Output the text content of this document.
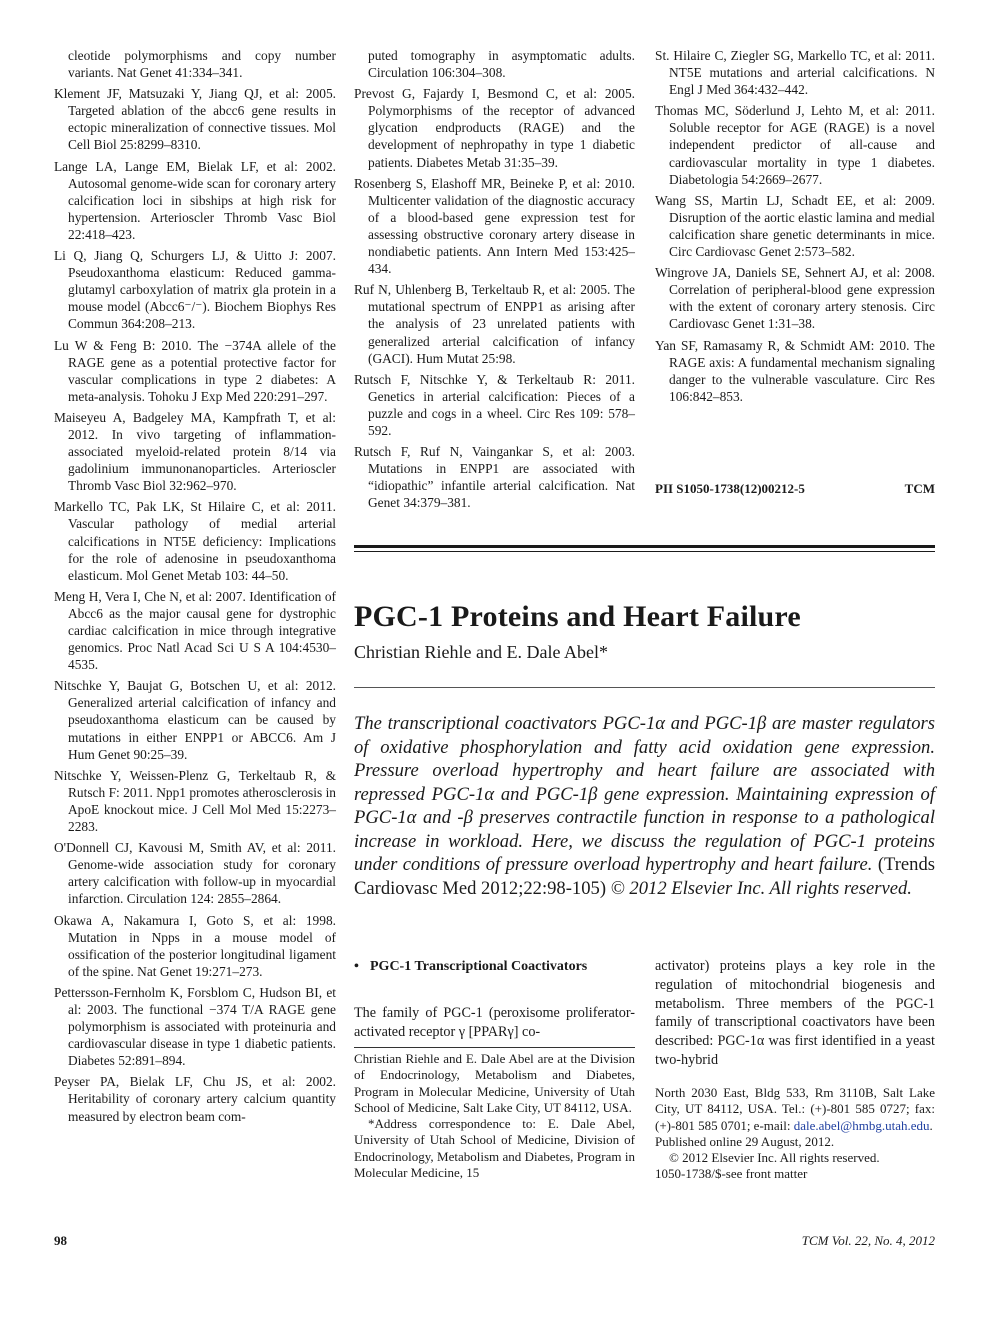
cleotide polymorphisms and copy number variants. Nat Genet 41:334–341.

Klement JF, Matsuzaki Y, Jiang QJ, et al: 2005. Targeted ablation of the abcc6 gene results in ectopic mineralization of connective tissues. Mol Cell Biol 25:8299–8310.

Lange LA, Lange EM, Bielak LF, et al: 2002. Autosomal genome-wide scan for coronary artery calcification loci in sibships at high risk for hypertension. Arterioscler Thromb Vasc Biol 22:418–423.

Li Q, Jiang Q, Schurgers LJ, & Uitto J: 2007. Pseudoxanthoma elasticum: Reduced gamma-glutamyl carboxylation of matrix gla protein in a mouse model (Abcc6⁻/⁻). Biochem Biophys Res Commun 364:208–213.

Lu W & Feng B: 2010. The −374A allele of the RAGE gene as a potential protective factor for vascular complications in type 2 diabetes: A meta-analysis. Tohoku J Exp Med 220:291–297.

Maiseyeu A, Badgeley MA, Kampfrath T, et al: 2012. In vivo targeting of inflammation-associated myeloid-related protein 8/14 via gadolinium immunonanoparticles. Arterioscler Thromb Vasc Biol 32:962–970.

Markello TC, Pak LK, St Hilaire C, et al: 2011. Vascular pathology of medial arterial calcifications in NT5E deficiency: Implications for the role of adenosine in pseudoxanthoma elasticum. Mol Genet Metab 103: 44–50.

Meng H, Vera I, Che N, et al: 2007. Identification of Abcc6 as the major causal gene for dystrophic cardiac calcification in mice through integrative genomics. Proc Natl Acad Sci U S A 104:4530–4535.

Nitschke Y, Baujat G, Botschen U, et al: 2012. Generalized arterial calcification of infancy and pseudoxanthoma elasticum can be caused by mutations in either ENPP1 or ABCC6. Am J Hum Genet 90:25–39.

Nitschke Y, Weissen-Plenz G, Terkeltaub R, & Rutsch F: 2011. Npp1 promotes atherosclerosis in ApoE knockout mice. J Cell Mol Med 15:2273–2283.

O'Donnell CJ, Kavousi M, Smith AV, et al: 2011. Genome-wide association study for coronary artery calcification with follow-up in myocardial infarction. Circulation 124: 2855–2864.

Okawa A, Nakamura I, Goto S, et al: 1998. Mutation in Npps in a mouse model of ossification of the posterior longitudinal ligament of the spine. Nat Genet 19:271–273.

Pettersson-Fernholm K, Forsblom C, Hudson BI, et al: 2003. The functional −374 T/A RAGE gene polymorphism is associated with proteinuria and cardiovascular disease in type 1 diabetic patients. Diabetes 52:891–894.

Peyser PA, Bielak LF, Chu JS, et al: 2002. Heritability of coronary artery calcium quantity measured by electron beam com-

puted tomography in asymptomatic adults. Circulation 106:304–308.

Prevost G, Fajardy I, Besmond C, et al: 2005. Polymorphisms of the receptor of advanced glycation endproducts (RAGE) and the development of nephropathy in type 1 diabetic patients. Diabetes Metab 31:35–39.

Rosenberg S, Elashoff MR, Beineke P, et al: 2010. Multicenter validation of the diagnostic accuracy of a blood-based gene expression test for assessing obstructive coronary artery disease in nondiabetic patients. Ann Intern Med 153:425–434.

Ruf N, Uhlenberg B, Terkeltaub R, et al: 2005. The mutational spectrum of ENPP1 as arising after the analysis of 23 unrelated patients with generalized arterial calcification of infancy (GACI). Hum Mutat 25:98.

Rutsch F, Nitschke Y, & Terkeltaub R: 2011. Genetics in arterial calcification: Pieces of a puzzle and cogs in a wheel. Circ Res 109: 578–592.

Rutsch F, Ruf N, Vaingankar S, et al: 2003. Mutations in ENPP1 are associated with “idiopathic” infantile arterial calcification. Nat Genet 34:379–381.

St. Hilaire C, Ziegler SG, Markello TC, et al: 2011. NT5E mutations and arterial calcifications. N Engl J Med 364:432–442.

Thomas MC, Söderlund J, Lehto M, et al: 2011. Soluble receptor for AGE (RAGE) is a novel independent predictor of all-cause and cardiovascular mortality in type 1 diabetes. Diabetologia 54:2669–2677.

Wang SS, Martin LJ, Schadt EE, et al: 2009. Disruption of the aortic elastic lamina and medial calcification share genetic determinants in mice. Circ Cardiovasc Genet 2:573–582.

Wingrove JA, Daniels SE, Sehnert AJ, et al: 2008. Correlation of peripheral-blood gene expression with the extent of coronary artery stenosis. Circ Cardiovasc Genet 1:31–38.

Yan SF, Ramasamy R, & Schmidt AM: 2010. The RAGE axis: A fundamental mechanism signaling danger to the vulnerable vasculature. Circ Res 106:842–853.

PII S1050-1738(12)00212-5	TCM
PGC-1 Proteins and Heart Failure
Christian Riehle and E. Dale Abel*
The transcriptional coactivators PGC-1α and PGC-1β are master regulators of oxidative phosphorylation and fatty acid oxidation gene expression. Pressure overload hypertrophy and heart failure are associated with repressed PGC-1α and PGC-1β gene expression. Maintaining expression of PGC-1α and -β preserves contractile function in response to a pathological increase in workload. Here, we discuss the regulation of PGC-1 proteins under conditions of pressure overload hypertrophy and heart failure. (Trends Cardiovasc Med 2012;22:98-105) © 2012 Elsevier Inc. All rights reserved.
• PGC-1 Transcriptional Coactivators
The family of PGC-1 (peroxisome proliferator-activated receptor γ [PPARγ] co-
activator) proteins plays a key role in the regulation of mitochondrial biogenesis and metabolism. Three members of the PGC-1 family of transcriptional coactivators have been described: PGC-1α was first identified in a yeast two-hybrid

Christian Riehle and E. Dale Abel are at the Division of Endocrinology, Metabolism and Diabetes, Program in Molecular Medicine, University of Utah School of Medicine, Salt Lake City, UT 84112, USA.

*Address correspondence to: E. Dale Abel, University of Utah School of Medicine, Division of Endocrinology, Metabolism and Diabetes, Program in Molecular Medicine, 15

North 2030 East, Bldg 533, Rm 3110B, Salt Lake City, UT 84112, USA. Tel.: (+)-801 585 0727; fax: (+)-801 585 0701; e-mail: dale.abel@hmbg.utah.edu.

Published online 29 August, 2012.

© 2012 Elsevier Inc. All rights reserved.

1050-1738/$-see front matter

98	TCM Vol. 22, No. 4, 2012
